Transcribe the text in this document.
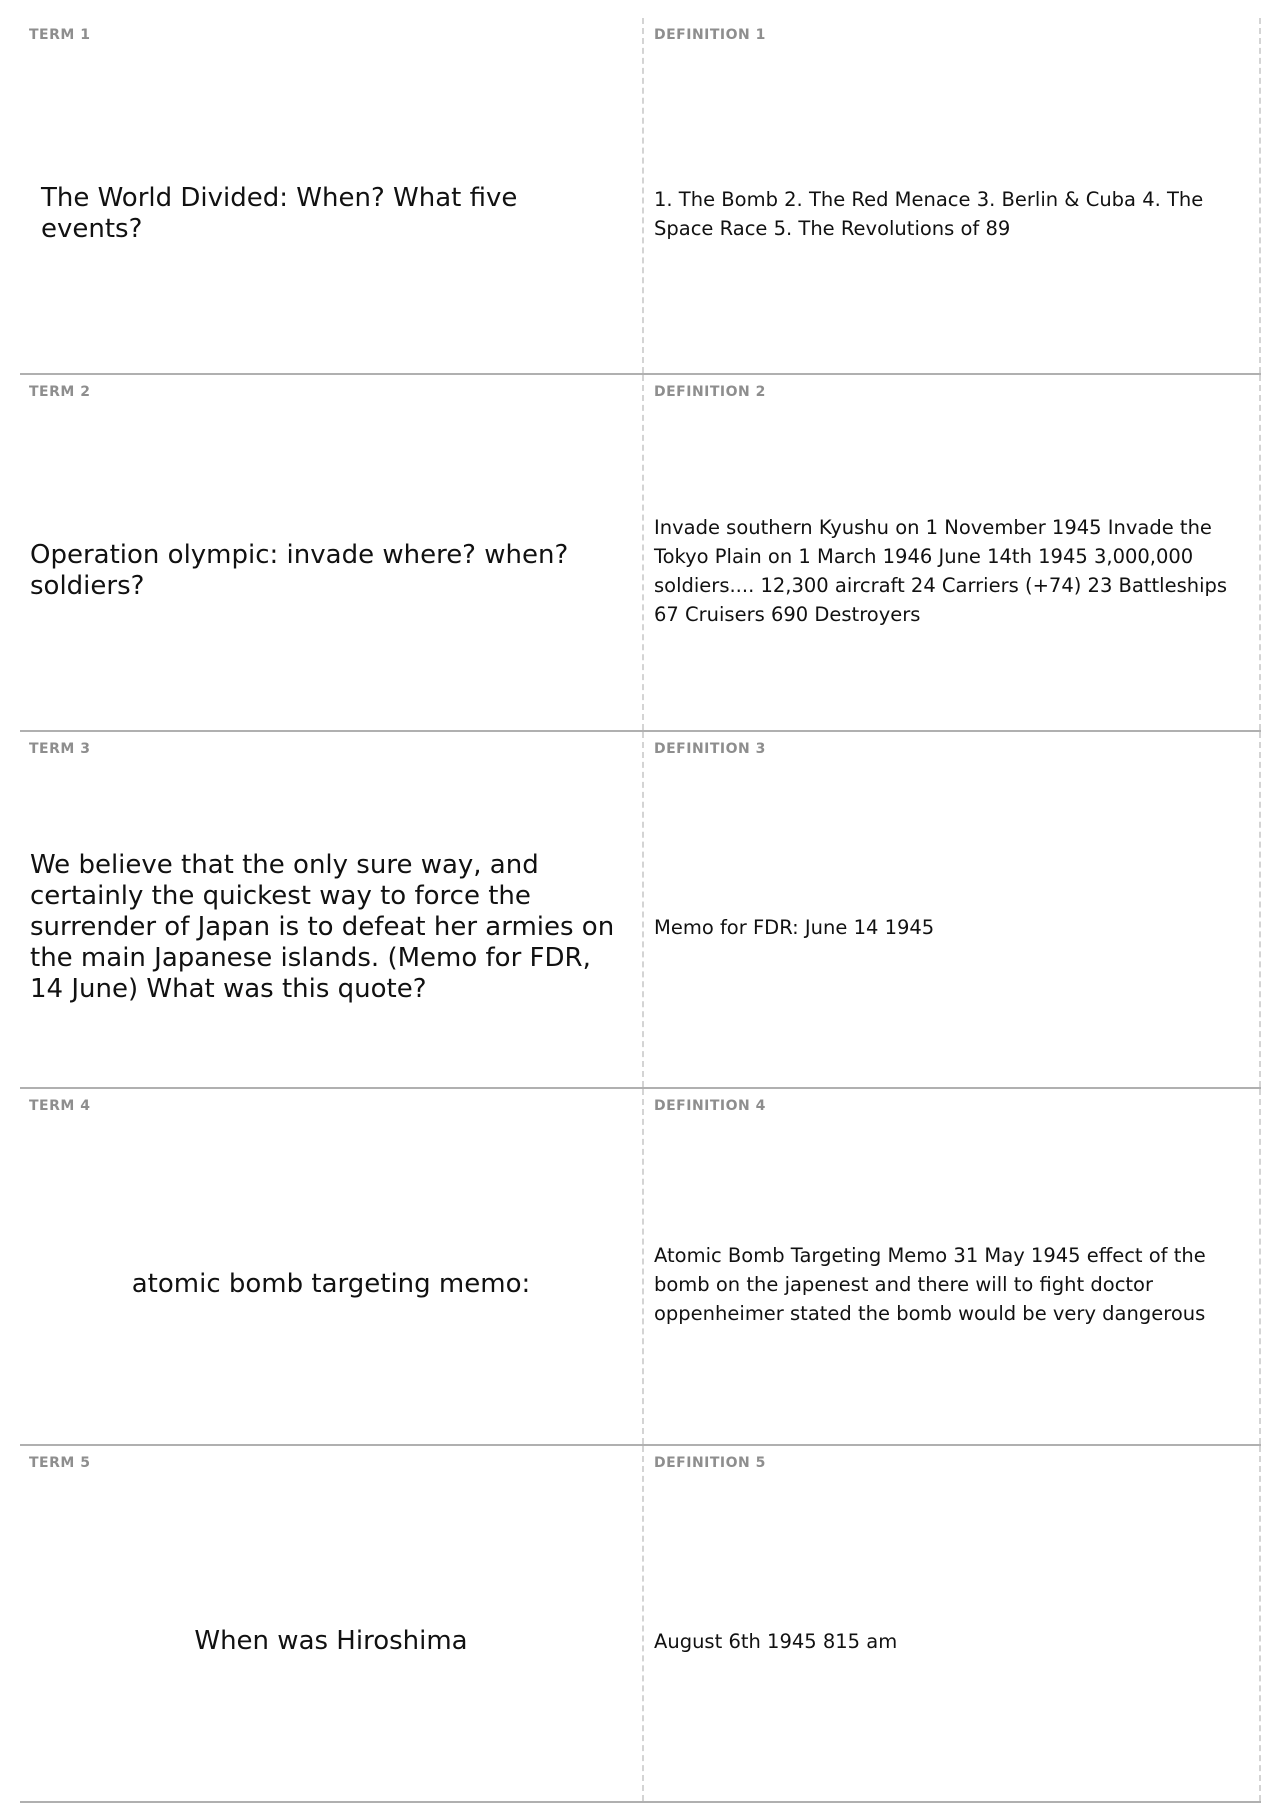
TERM 1
The World Divided: When? What five events?
DEFINITION 1
1. The Bomb 2. The Red Menace 3. Berlin & Cuba 4. The Space Race 5. The Revolutions of 89
TERM 2
Operation olympic: invade where? when? soldiers?
DEFINITION 2
Invade southern Kyushu on 1 November 1945 Invade the Tokyo Plain on 1 March 1946 June 14th 1945 3,000,000 soldiers.... 12,300 aircraft 24 Carriers (+74) 23 Battleships 67 Cruisers 690 Destroyers
TERM 3
We believe that the only sure way, and certainly the quickest way to force the surrender of Japan is to defeat her armies on the main Japanese islands. (Memo for FDR, 14 June) What was this quote?
DEFINITION 3
Memo for FDR: June 14 1945
TERM 4
atomic bomb targeting memo:
DEFINITION 4
Atomic Bomb Targeting Memo 31 May 1945 effect of the bomb on the japenest and there will to fight doctor oppenheimer stated the bomb would be very dangerous
TERM 5
When was Hiroshima
DEFINITION 5
August 6th 1945 815 am
